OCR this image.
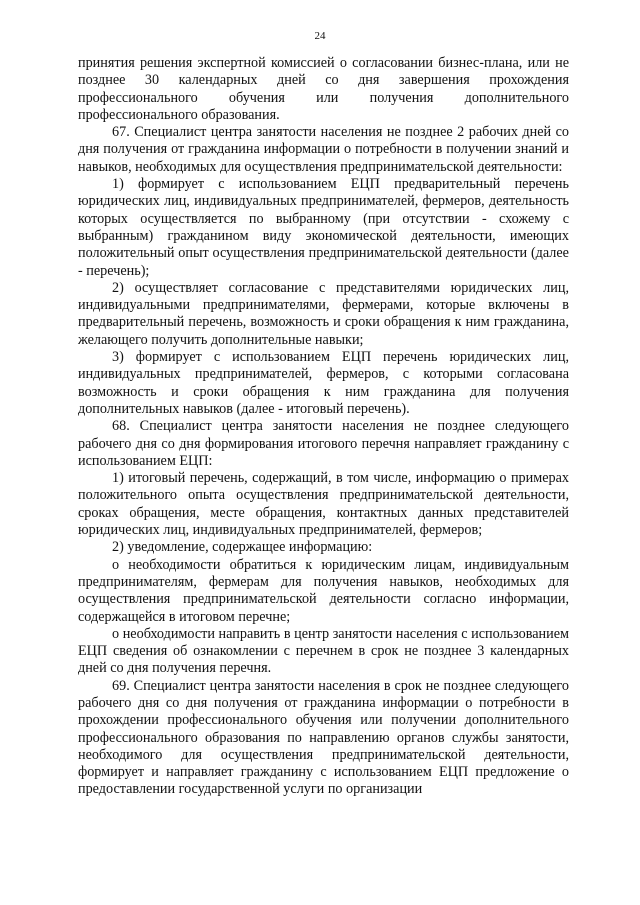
24

принятия решения экспертной комиссией о согласовании бизнес-плана, или не позднее 30 календарных дней со дня завершения прохождения профессионального обучения или получения дополнительного профессионального образования.

67. Специалист центра занятости населения не позднее 2 рабочих дней со дня получения от гражданина информации о потребности в получении знаний и навыков, необходимых для осуществления предпринимательской деятельности:

1) формирует с использованием ЕЦП предварительный перечень юридических лиц, индивидуальных предпринимателей, фермеров, деятельность которых осуществляется по выбранному (при отсутствии - схожему с выбранным) гражданином виду экономической деятельности, имеющих положительный опыт осуществления предпринимательской деятельности (далее - перечень);

2) осуществляет согласование с представителями юридических лиц, индивидуальными предпринимателями, фермерами, которые включены в предварительный перечень, возможность и сроки обращения к ним гражданина, желающего получить дополнительные навыки;

3) формирует с использованием ЕЦП перечень юридических лиц, индивидуальных предпринимателей, фермеров, с которыми согласована возможность и сроки обращения к ним гражданина для получения дополнительных навыков (далее - итоговый перечень).

68. Специалист центра занятости населения не позднее следующего рабочего дня со дня формирования итогового перечня направляет гражданину с использованием ЕЦП:

1) итоговый перечень, содержащий, в том числе, информацию о примерах положительного опыта осуществления предпринимательской деятельности, сроках обращения, месте обращения, контактных данных представителей юридических лиц, индивидуальных предпринимателей, фермеров;

2) уведомление, содержащее информацию:

о необходимости обратиться к юридическим лицам, индивидуальным предпринимателям, фермерам для получения навыков, необходимых для осуществления предпринимательской деятельности согласно информации, содержащейся в итоговом перечне;

о необходимости направить в центр занятости населения с использованием ЕЦП сведения об ознакомлении с перечнем в срок не позднее 3 календарных дней со дня получения перечня.

69. Специалист центра занятости населения в срок не позднее следующего рабочего дня со дня получения от гражданина информации о потребности в прохождении профессионального обучения или получении дополнительного профессионального образования по направлению органов службы занятости, необходимого для осуществления предпринимательской деятельности, формирует и направляет гражданину с использованием ЕЦП предложение о предоставлении государственной услуги по организации
